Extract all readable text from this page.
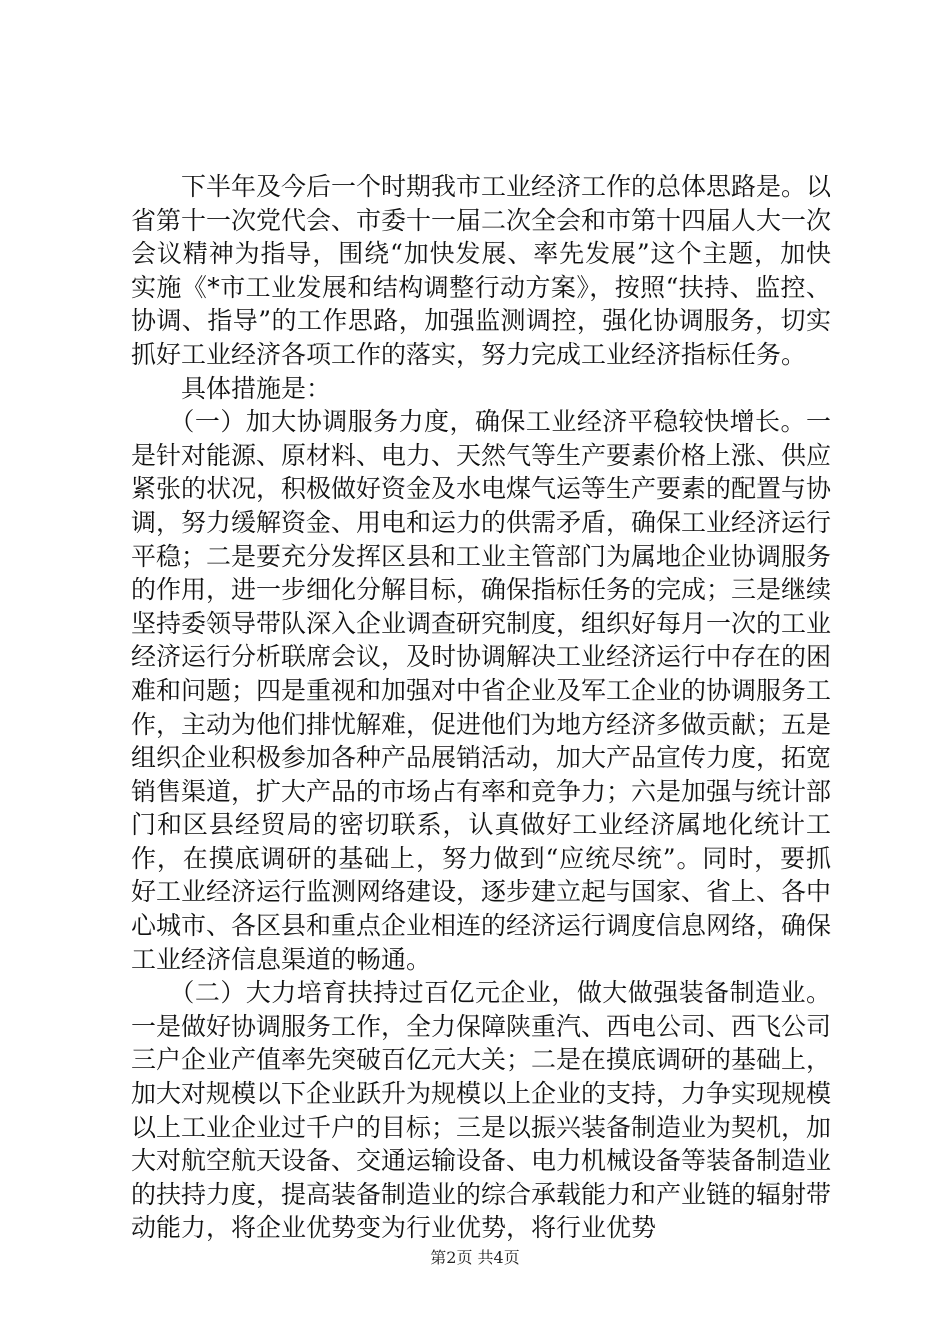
　　下半年及今后一个时期我市工业经济工作的总体思路是。以省第十一次党代会、市委十一届二次全会和市第十四届人大一次会议精神为指导，围绕“加快发展、率先发展”这个主题，加快实施《*市工业发展和结构调整行动方案》，按照“扶持、监控、协调、指导”的工作思路，加强监测调控，强化协调服务，切实抓好工业经济各项工作的落实，努力完成工业经济指标任务。

　　具体措施是：

　　（一）加大协调服务力度，确保工业经济平稳较快增长。一是针对能源、原材料、电力、天然气等生产要素价格上涨、供应紧张的状况，积极做好资金及水电煤气运等生产要素的配置与协调，努力缓解资金、用电和运力的供需矛盾，确保工业经济运行平稳；二是要充分发挥区县和工业主管部门为属地企业协调服务的作用，进一步细化分解目标，确保指标任务的完成；三是继续坚持委领导带队深入企业调查研究制度，组织好每月一次的工业经济运行分析联席会议，及时协调解决工业经济运行中存在的困难和问题；四是重视和加强对中省企业及军工企业的协调服务工作，主动为他们排忧解难，促进他们为地方经济多做贡献；五是组织企业积极参加各种产品展销活动，加大产品宣传力度，拓宽销售渠道，扩大产品的市场占有率和竞争力；六是加强与统计部门和区县经贸局的密切联系，认真做好工业经济属地化统计工作，在摸底调研的基础上，努力做到“应统尽统”。同时，要抓好工业经济运行监测网络建设，逐步建立起与国家、省上、各中心城市、各区县和重点企业相连的经济运行调度信息网络，确保工业经济信息渠道的畅通。

　　（二）大力培育扶持过百亿元企业，做大做强装备制造业。一是做好协调服务工作，全力保障陕重汽、西电公司、西飞公司三户企业产值率先突破百亿元大关；二是在摸底调研的基础上，加大对规模以下企业跃升为规模以上企业的支持，力争实现规模以上工业企业过千户的目标；三是以振兴装备制造业为契机，加大对航空航天设备、交通运输设备、电力机械设备等装备制造业的扶持力度，提高装备制造业的综合承载能力和产业链的辐射带动能力，将企业优势变为行业优势，将行业优势

第2页 共4页
